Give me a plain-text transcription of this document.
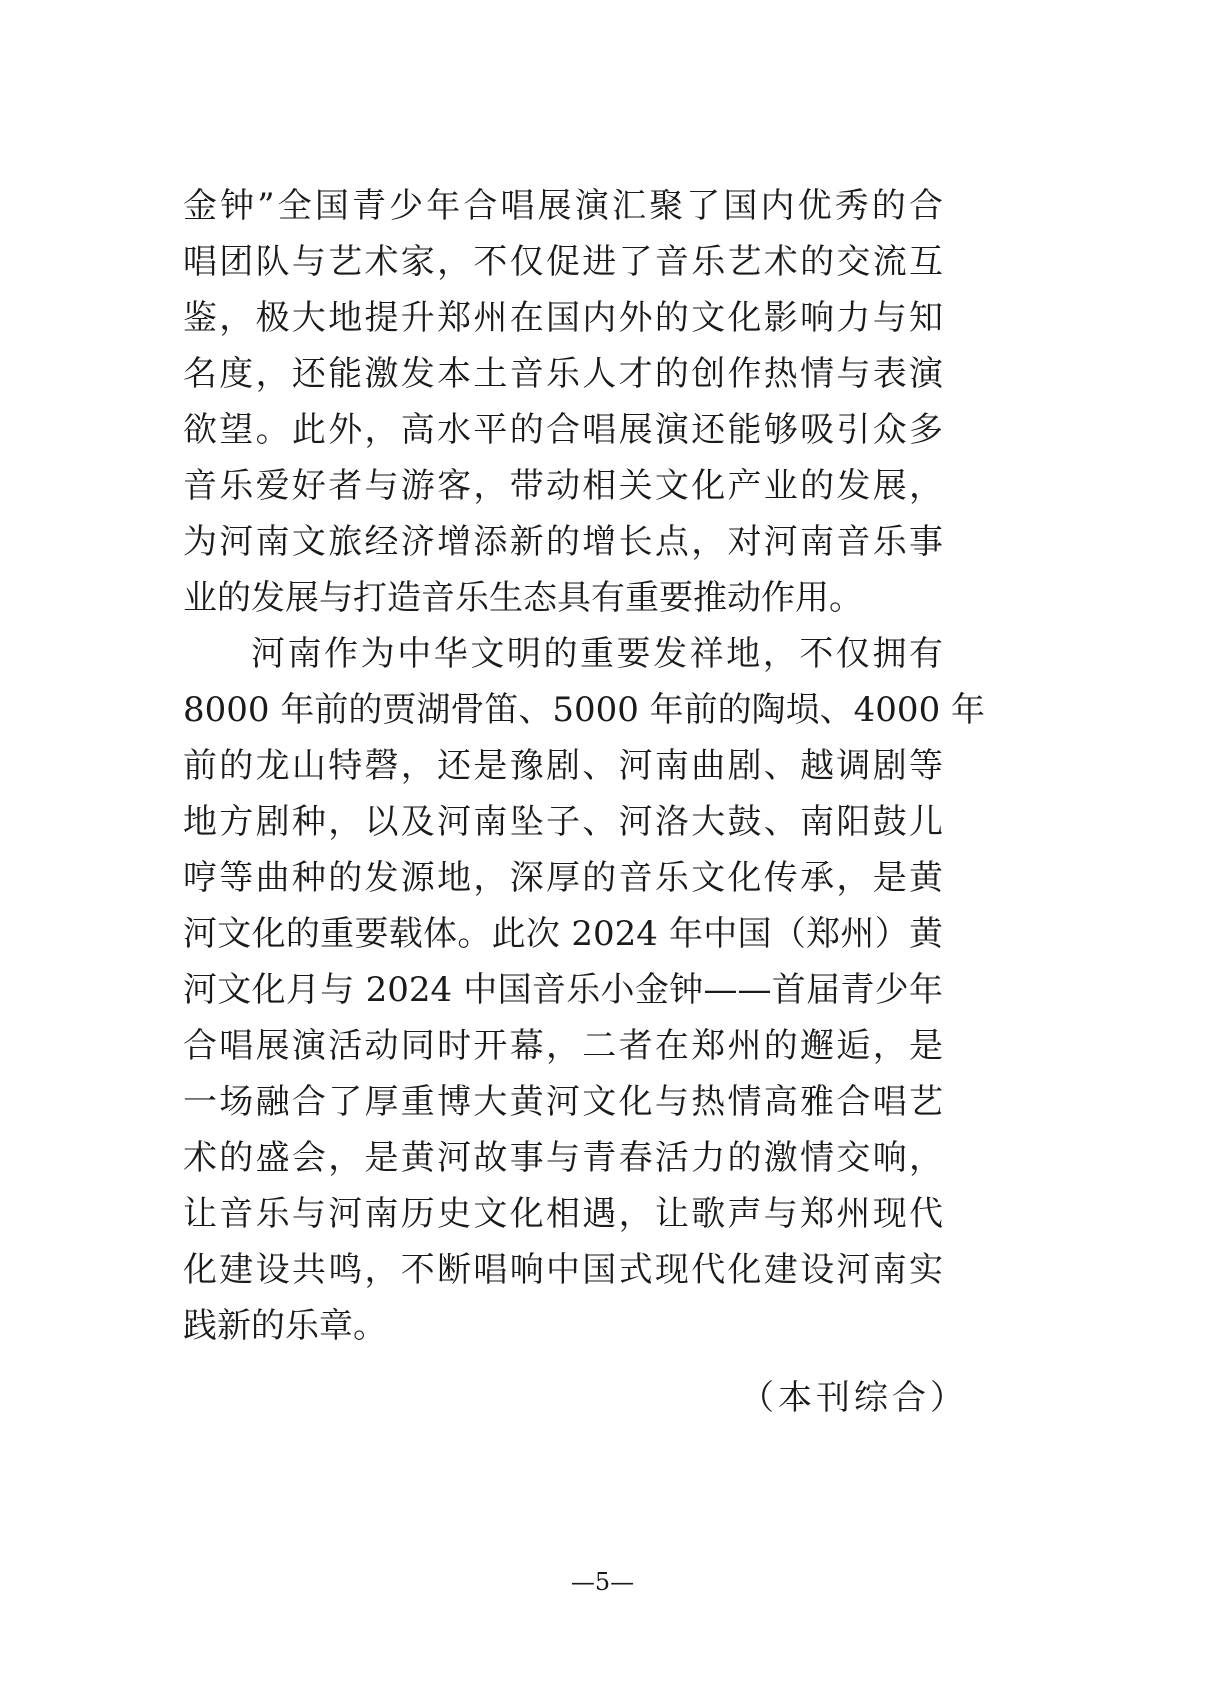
金钟”全国青少年合唱展演汇聚了国内优秀的合
唱团队与艺术家，不仅促进了音乐艺术的交流互
鉴，极大地提升郑州在国内外的文化影响力与知
名度，还能激发本土音乐人才的创作热情与表演
欲望。此外，高水平的合唱展演还能够吸引众多
音乐爱好者与游客，带动相关文化产业的发展，
为河南文旅经济增添新的增长点，对河南音乐事
业的发展与打造音乐生态具有重要推动作用。
河南作为中华文明的重要发祥地，不仅拥有
8000 年前的贾湖骨笛、5000 年前的陶埙、4000 年
前的龙山特磬，还是豫剧、河南曲剧、越调剧等
地方剧种，以及河南坠子、河洛大鼓、南阳鼓儿
哼等曲种的发源地，深厚的音乐文化传承，是黄
河文化的重要载体。此次 2024 年中国（郑州）黄
河文化月与 2024 中国音乐小金钟——首届青少年
合唱展演活动同时开幕，二者在郑州的邂逅，是
一场融合了厚重博大黄河文化与热情高雅合唱艺
术的盛会，是黄河故事与青春活力的激情交响，
让音乐与河南历史文化相遇，让歌声与郑州现代
化建设共鸣，不断唱响中国式现代化建设河南实
践新的乐章。
（本刊综合）
—5—
